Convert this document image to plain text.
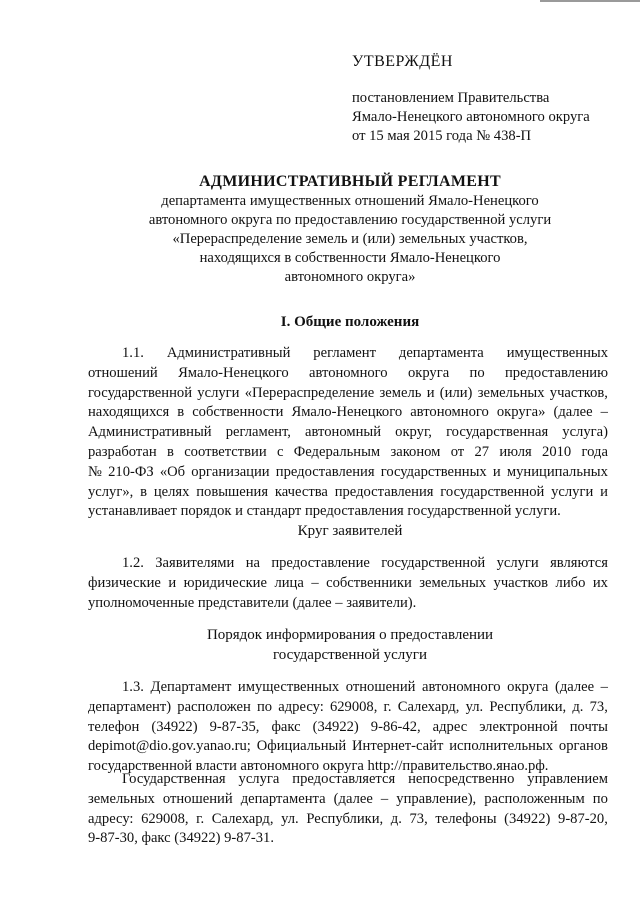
УТВЕРЖДЁН
постановлением Правительства
Ямало-Ненецкого автономного округа
от 15 мая 2015 года № 438-П
АДМИНИСТРАТИВНЫЙ РЕГЛАМЕНТ
департамента имущественных отношений Ямало-Ненецкого
автономного округа по предоставлению государственной услуги
«Перераспределение земель и (или) земельных участков,
находящихся в собственности Ямало-Ненецкого
автономного округа»
I. Общие положения
1.1. Административный регламент департамента имущественных
отношений Ямало-Ненецкого автономного округа по предоставлению
государственной услуги «Перераспределение земель и (или) земельных участков,
находящихся в собственности Ямало-Ненецкого автономного округа» (далее –
Административный регламент, автономный округ, государственная услуга)
разработан в соответствии с Федеральным законом от 27 июля 2010 года
№ 210-ФЗ «Об организации предоставления государственных и муниципальных
услуг», в целях повышения качества предоставления государственной услуги и
устанавливает порядок и стандарт предоставления государственной услуги.
Круг заявителей
1.2. Заявителями на предоставление государственной услуги являются
физические и юридические лица – собственники земельных участков либо их
уполномоченные представители (далее – заявители).
Порядок информирования о предоставлении
государственной услуги
1.3. Департамент имущественных отношений автономного округа (далее –
департамент) расположен по адресу: 629008, г. Салехард, ул. Республики, д. 73,
телефон (34922) 9-87-35, факс (34922) 9-86-42, адрес электронной почты
depimot@dio.gov.yanao.ru; Официальный Интернет-сайт исполнительных органов
государственной власти автономного округа http://правительство.янао.рф.
Государственная услуга предоставляется непосредственно управлением
земельных отношений департамента (далее – управление), расположенным по
адресу: 629008, г. Салехард, ул. Республики, д. 73, телефоны (34922) 9-87-20,
9-87-30, факс (34922) 9-87-31.
